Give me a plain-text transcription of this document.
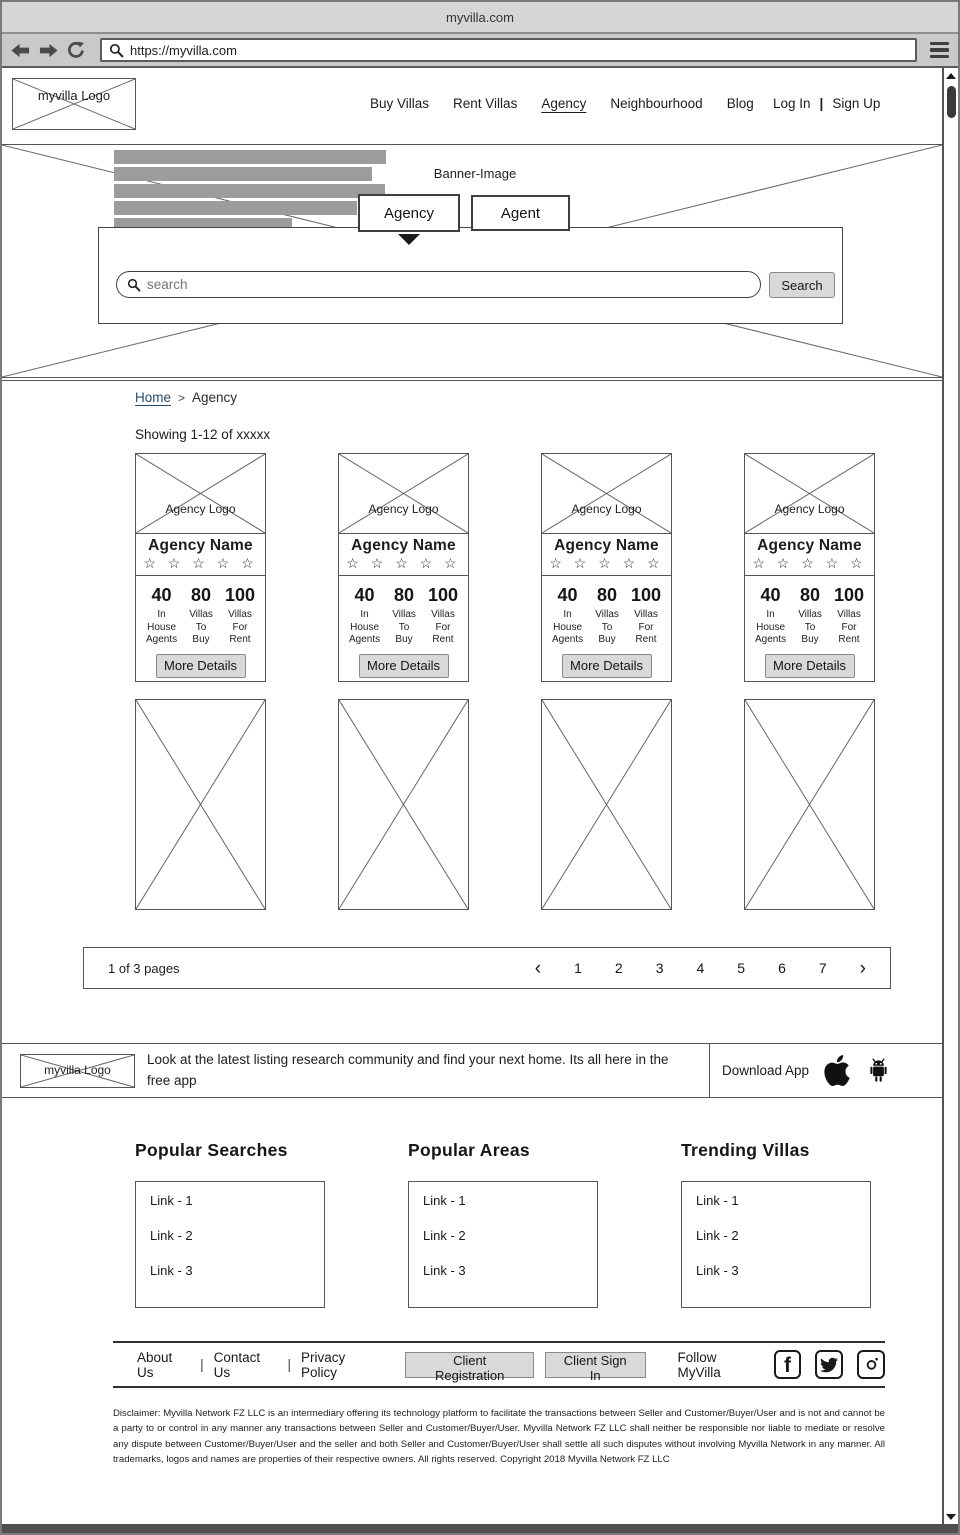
myvilla.com
https://myvilla.com
myvilla Logo
Buy Villas Rent Villas Agency Neighbourhood Blog Log In | Sign Up
Banner-Image
Agency	Agent
search
Search
Home > Agency
Showing 1-12 of xxxxx
Agency Logo
Agency Name
☆ ☆ ☆ ☆ ☆
40
In
House
Agents
80
Villas
To
Buy
100
Villas
For
Rent
More Details
Agency Logo
Agency Name
☆ ☆ ☆ ☆ ☆
40
In
House
Agents
80
Villas
To
Buy
100
Villas
For
Rent
More Details
Agency Logo
Agency Name
☆ ☆ ☆ ☆ ☆
40
In
House
Agents
80
Villas
To
Buy
100
Villas
For
Rent
More Details
Agency Logo
Agency Name
☆ ☆ ☆ ☆ ☆
40
In
House
Agents
80
Villas
To
Buy
100
Villas
For
Rent
More Details
1 of 3 pages	‹ 1 2 3 4 5 6 7 ›
myvilla Logo
Look at the latest listing research community and find your next home. Its all here in the free app
Download App
Popular Searches
Link - 1
Link - 2
Link - 3
Popular Areas
Link - 1
Link - 2
Link - 3
Trending Villas
Link - 1
Link - 2
Link - 3
About Us	| Contact Us	| Privacy Policy
Client Registration
Client Sign In
Follow MyVilla	f
Disclaimer: Myvilla Network FZ LLC is an intermediary offering its technology platform to facilitate the transactions between Seller and Customer/Buyer/User and is not and cannot be a party to or control in any manner any transactions between Seller and Customer/Buyer/User. Myvilla Network FZ LLC shall neither be responsible nor liable to mediate or resolve any dispute between Customer/Buyer/User and the seller and both Seller and Customer/Buyer/User shall settle all such disputes without involving Myvilla Network in any manner. All trademarks, logos and names are properties of their respective owners. All rights reserved. Copyright 2018 Myvilla Network FZ LLC
